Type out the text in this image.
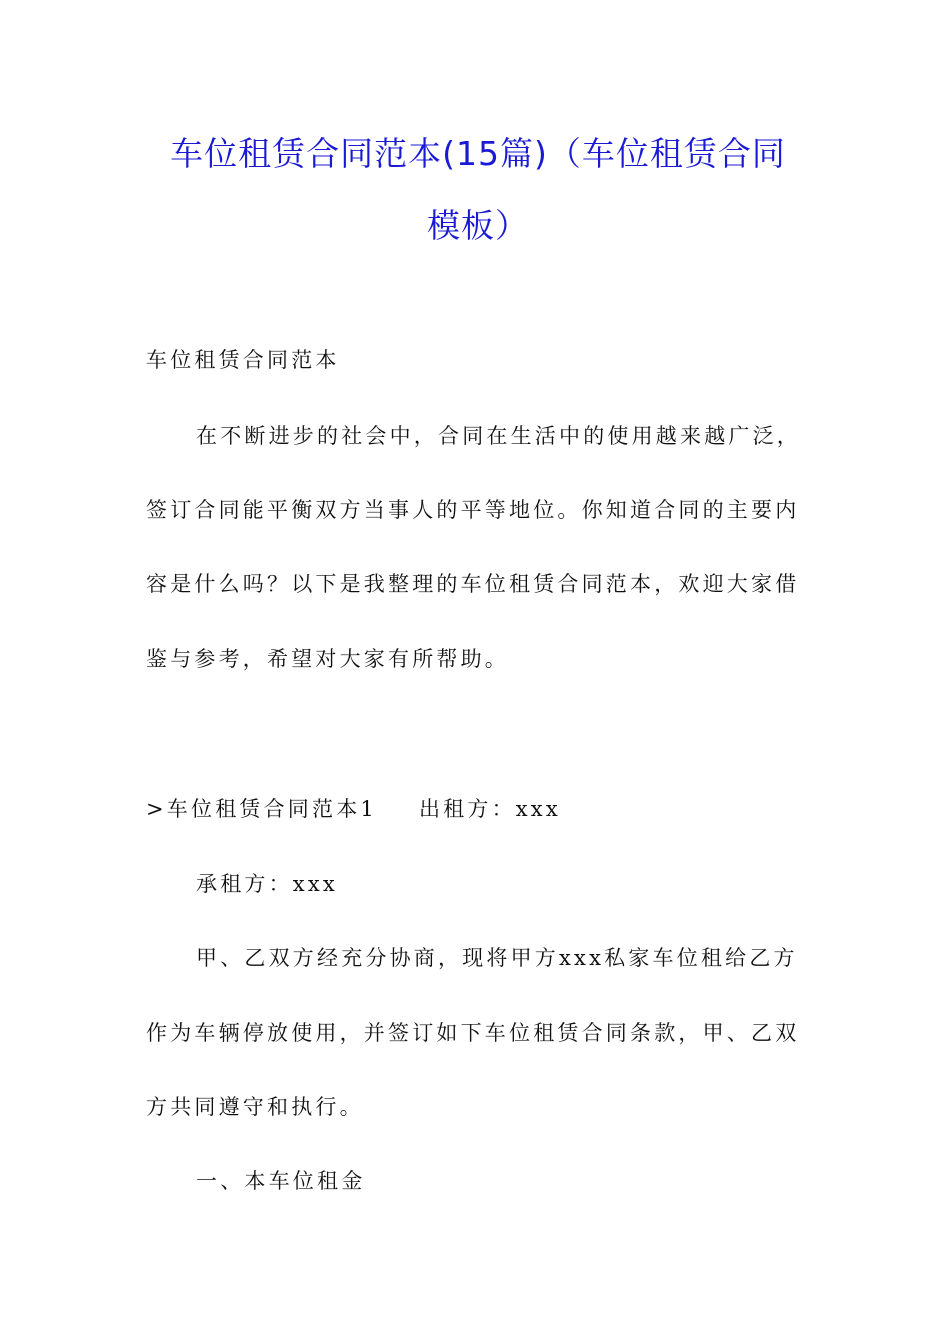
车位租赁合同范本(15篇)（车位租赁合同
模板）
车位租赁合同范本
在不断进步的社会中，合同在生活中的使用越来越广泛，
签订合同能平衡双方当事人的平等地位。你知道合同的主要内
容是什么吗？以下是我整理的车位租赁合同范本，欢迎大家借
鉴与参考，希望对大家有所帮助。
>车位租赁合同范本1 出租方：xxx
承租方：xxx
甲、乙双方经充分协商，现将甲方xxx私家车位租给乙方
作为车辆停放使用，并签订如下车位租赁合同条款，甲、乙双
方共同遵守和执行。
一、本车位租金
